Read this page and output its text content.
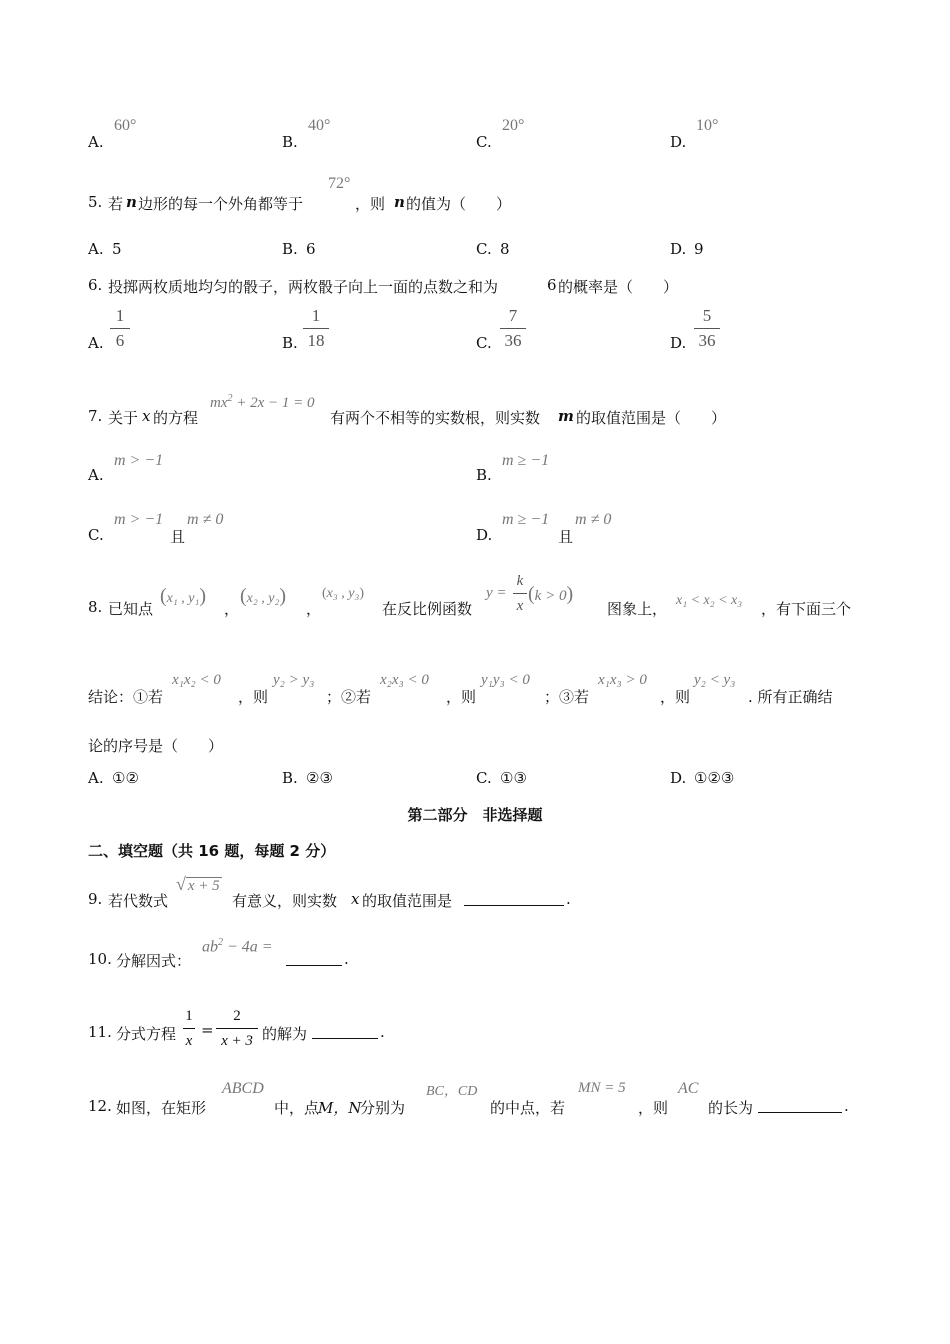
A.
60°
B.
40°
C.
20°
D.
10°
5. 若 n 边形的每一个外角都等于
72°
，则 n 的值为（　　）
A. 5	B. 6	C. 8	D. 9
6. 投掷两枚质地均匀的骰子，两枚骰子向上一面的点数之和为	6 的概率是（　　）
A.
1
6	B.
1
18	C.
7
36	D.
5
36
7. 关于 x 的方程
$mx^2 + 2x - 1 = 0$
有两个不相等的实数根，则实数 m 的取值范围是（　　）
A.
m > −1
B.
m ≥ −1
C.
m > −1
且
m ≠ 0
D.
m ≥ −1
且
m ≠ 0
8. 已知点
(x₁ , y₁)
，
(x₂ , y₂)
，
(x₃ , y₃)
在反比例函数
y =
k
x
(k > 0)
图象上， x₁ < x₂ < x₃ ，有下面三个
结论：①若
x₁x₂ < 0
，则
y₂ > y₃
；②若
x₂x₃ < 0
，则
y₁y₃ < 0
；③若
x₁x₃ > 0
，则
y₂ < y₃
. 所有正确结
论的序号是（　　）
A. ①②	B. ②③	C. ①③	D. ①②③
第二部分　非选择题
二、填空题（共 16 题，每题 2 分）
9. 若代数式
√ x + 5
有意义，则实数 x 的取值范围是	.
10. 分解因式：
$ab^2 - 4a$ =
.
11. 分式方程
1
x
=
2
x + 3 的解为	.
12. 如图，在矩形
ABCD
中，点
M，N
分别为
BC，CD
的中点，若
MN = 5
，则
AC
的长为	.
